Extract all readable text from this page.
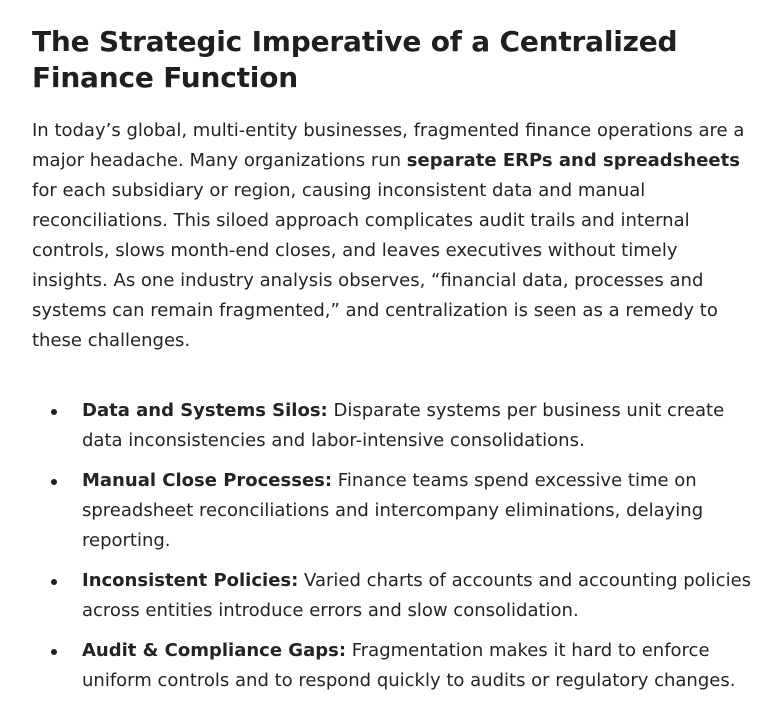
The Strategic Imperative of a Centralized Finance Function

In today’s global, multi-entity businesses, fragmented finance operations are a major headache. Many organizations run separate ERPs and spreadsheets for each subsidiary or region, causing inconsistent data and manual reconciliations. This siloed approach complicates audit trails and internal controls, slows month-end closes, and leaves executives without timely insights. As one industry analysis observes, “financial data, processes and systems can remain fragmented,” and centralization is seen as a remedy to these challenges.

Data and Systems Silos: Disparate systems per business unit create data inconsistencies and labor-intensive consolidations.
Manual Close Processes: Finance teams spend excessive time on spreadsheet reconciliations and intercompany eliminations, delaying reporting.
Inconsistent Policies: Varied charts of accounts and accounting policies across entities introduce errors and slow consolidation.
Audit & Compliance Gaps: Fragmentation makes it hard to enforce uniform controls and to respond quickly to audits or regulatory changes.
